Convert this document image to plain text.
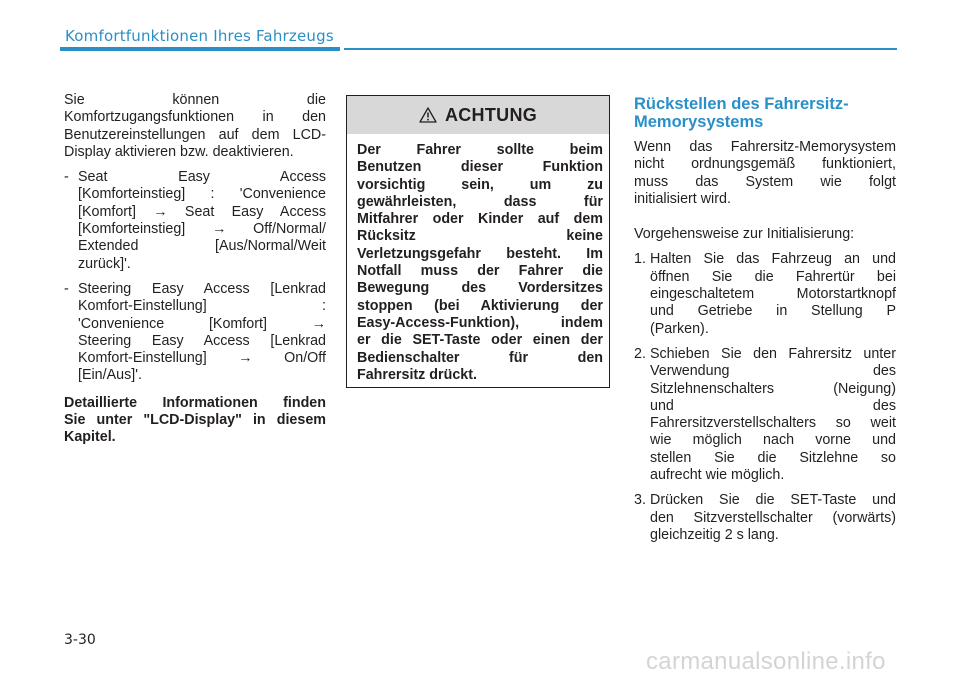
Komfortfunktionen Ihres Fahrzeugs
Sie können die
Komfortzugangsfunktionen in den
Benutzereinstellungen auf dem LCD-
Display aktivieren bzw. deaktivieren.
- Seat Easy Access
[Komforteinstieg] : 'Convenience
[Komfort] → Seat Easy Access
[Komforteinstieg] → Off/Normal/
Extended [Aus/Normal/Weit
zurück]'.
- Steering Easy Access [Lenkrad
Komfort-Einstellung] :
'Convenience [Komfort] →
Steering Easy Access [Lenkrad
Komfort-Einstellung] → On/Off
[Ein/Aus]'.
Detaillierte Informationen finden
Sie unter "LCD-Display" in diesem
Kapitel.
ACHTUNG
Der Fahrer sollte beim
Benutzen dieser Funktion
vorsichtig sein, um zu
gewährleisten, dass für
Mitfahrer oder Kinder auf dem
Rücksitz keine
Verletzungsgefahr besteht. Im
Notfall muss der Fahrer die
Bewegung des Vordersitzes
stoppen (bei Aktivierung der
Easy-Access-Funktion), indem
er die SET-Taste oder einen der
Bedienschalter für den
Fahrersitz drückt.
Rückstellen des Fahrersitz-
Memorysystems
Wenn das Fahrersitz-Memorysystem
nicht ordnungsgemäß funktioniert,
muss das System wie folgt
initialisiert wird.
Vorgehensweise zur Initialisierung:
1. Halten Sie das Fahrzeug an und
öffnen Sie die Fahrertür bei
eingeschaltetem Motorstartknopf
und Getriebe in Stellung P
(Parken).
2. Schieben Sie den Fahrersitz unter
Verwendung des
Sitzlehnenschalters (Neigung)
und des
Fahrersitzverstellschalters so weit
wie möglich nach vorne und
stellen Sie die Sitzlehne so
aufrecht wie möglich.
3. Drücken Sie die SET-Taste und
den Sitzverstellschalter (vorwärts)
gleichzeitig 2 s lang.
3-30
carmanualsonline.info
